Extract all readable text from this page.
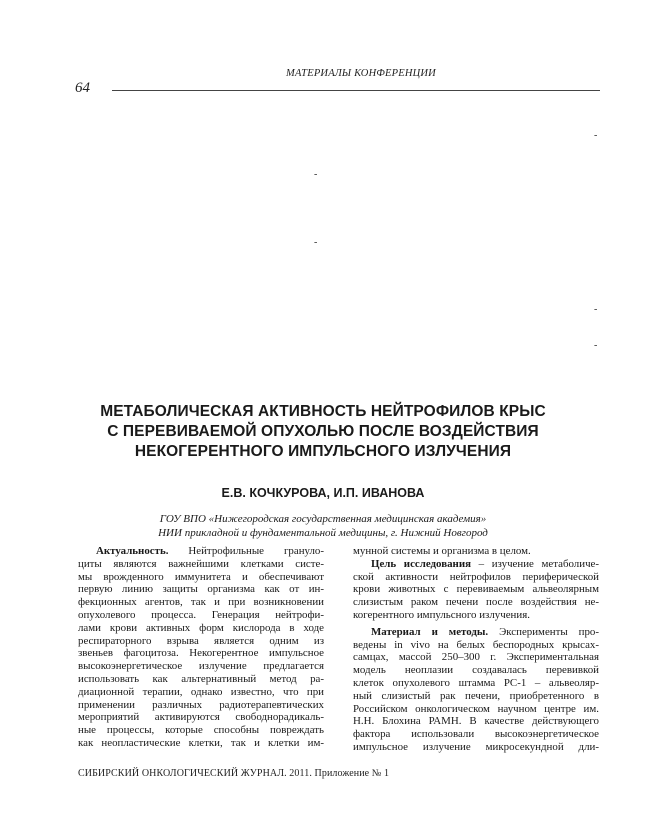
МАТЕРИАЛЫ КОНФЕРЕНЦИИ
64
-
-
-
-
-
МЕТАБОЛИЧЕСКАЯ АКТИВНОСТЬ НЕЙТРОФИЛОВ КРЫС
С ПЕРЕВИВАЕМОЙ ОПУХОЛЬЮ ПОСЛЕ ВОЗДЕЙСТВИЯ
НЕКОГЕРЕНТНОГО ИМПУЛЬСНОГО ИЗЛУЧЕНИЯ
Е.В. КОЧКУРОВА, И.П. ИВАНОВА
ГОУ ВПО «Нижегородская государственная медицинская академия»
НИИ прикладной и фундаментальной медицины, г. Нижний Новгород
Актуальность. Нейтрофильные грануло-
циты являются важнейшими клетками систе-
мы врожденного иммунитета и обеспечивают
первую линию защиты организма как от ин-
фекционных агентов, так и при возникновении
опухолевого процесса. Генерация нейтрофи-
лами крови активных форм кислорода в ходе
респираторного взрыва является одним из
звеньев фагоцитоза. Некогерентное импульсное
высокоэнергетическое излучение предлагается
использовать как альтернативный метод ра-
диационной терапии, однако известно, что при
применении различных радиотерапевтических
мероприятий активируются свободнорадикаль-
ные процессы, которые способны повреждать
как неопластические клетки, так и клетки им-
мунной системы и организма в целом.
Цель исследования – изучение метаболиче-
ской активности нейтрофилов периферической
крови животных с перевиваемым альвеолярным
слизистым раком печени после воздействия не-
когерентного импульсного излучения.
Материал и методы. Эксперименты про-
ведены in vivo на белых беспородных крысах-
самцах, массой 250–300 г. Экспериментальная
модель неоплазии создавалась перевивкой
клеток опухолевого штамма PC-1 – альвеоляр-
ный слизистый рак печени, приобретенного в
Российском онкологическом научном центре им.
Н.Н. Блохина РАМН. В качестве действующего
фактора использовали высокоэнергетическое
импульсное излучение микросекундной дли-
СИБИРСКИЙ ОНКОЛОГИЧЕСКИЙ ЖУРНАЛ. 2011. Приложение № 1
